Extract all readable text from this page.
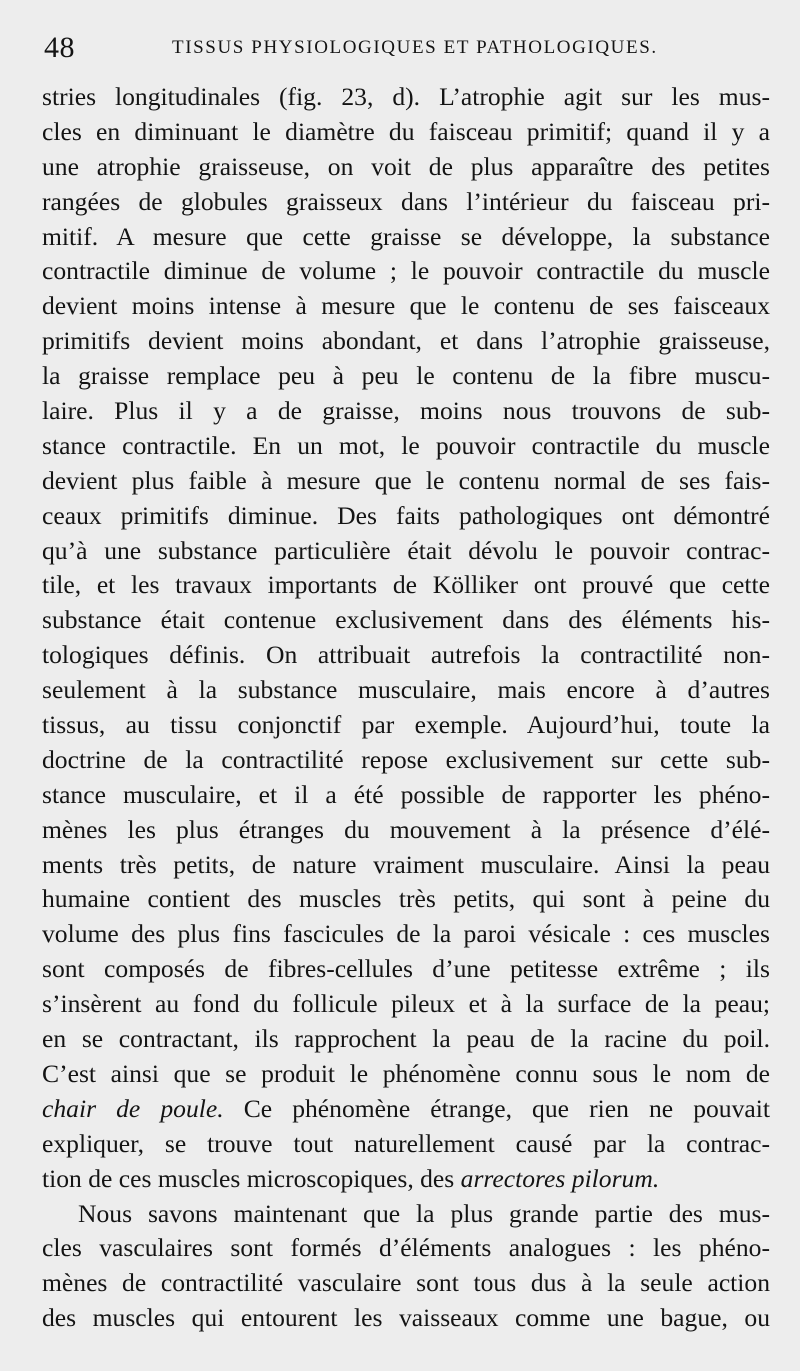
48	TISSUS PHYSIOLOGIQUES ET PATHOLOGIQUES.
stries longitudinales (fig. 23, d). L’atrophie agit sur les mus-
cles en diminuant le diamètre du faisceau primitif; quand il y a
une atrophie graisseuse, on voit de plus apparaître des petites
rangées de globules graisseux dans l’intérieur du faisceau pri-
mitif. A mesure que cette graisse se développe, la substance
contractile diminue de volume ; le pouvoir contractile du muscle
devient moins intense à mesure que le contenu de ses faisceaux
primitifs devient moins abondant, et dans l’atrophie graisseuse,
la graisse remplace peu à peu le contenu de la fibre muscu-
laire. Plus il y a de graisse, moins nous trouvons de sub-
stance contractile. En un mot, le pouvoir contractile du muscle
devient plus faible à mesure que le contenu normal de ses fais-
ceaux primitifs diminue. Des faits pathologiques ont démontré
qu’à une substance particulière était dévolu le pouvoir contrac-
tile, et les travaux importants de Kölliker ont prouvé que cette
substance était contenue exclusivement dans des éléments his-
tologiques définis. On attribuait autrefois la contractilité non-
seulement à la substance musculaire, mais encore à d’autres
tissus, au tissu conjonctif par exemple. Aujourd’hui, toute la
doctrine de la contractilité repose exclusivement sur cette sub-
stance musculaire, et il a été possible de rapporter les phéno-
mènes les plus étranges du mouvement à la présence d’élé-
ments très petits, de nature vraiment musculaire. Ainsi la peau
humaine contient des muscles très petits, qui sont à peine du
volume des plus fins fascicules de la paroi vésicale : ces muscles
sont composés de fibres-cellules d’une petitesse extrême ; ils
s’insèrent au fond du follicule pileux et à la surface de la peau;
en se contractant, ils rapprochent la peau de la racine du poil.
C’est ainsi que se produit le phénomène connu sous le nom de
chair de poule. Ce phénomène étrange, que rien ne pouvait
expliquer, se trouve tout naturellement causé par la contrac-
tion de ces muscles microscopiques, des arrectores pilorum.
Nous savons maintenant que la plus grande partie des mus-
cles vasculaires sont formés d’éléments analogues : les phéno-
mènes de contractilité vasculaire sont tous dus à la seule action
des muscles qui entourent les vaisseaux comme une bague, ou
